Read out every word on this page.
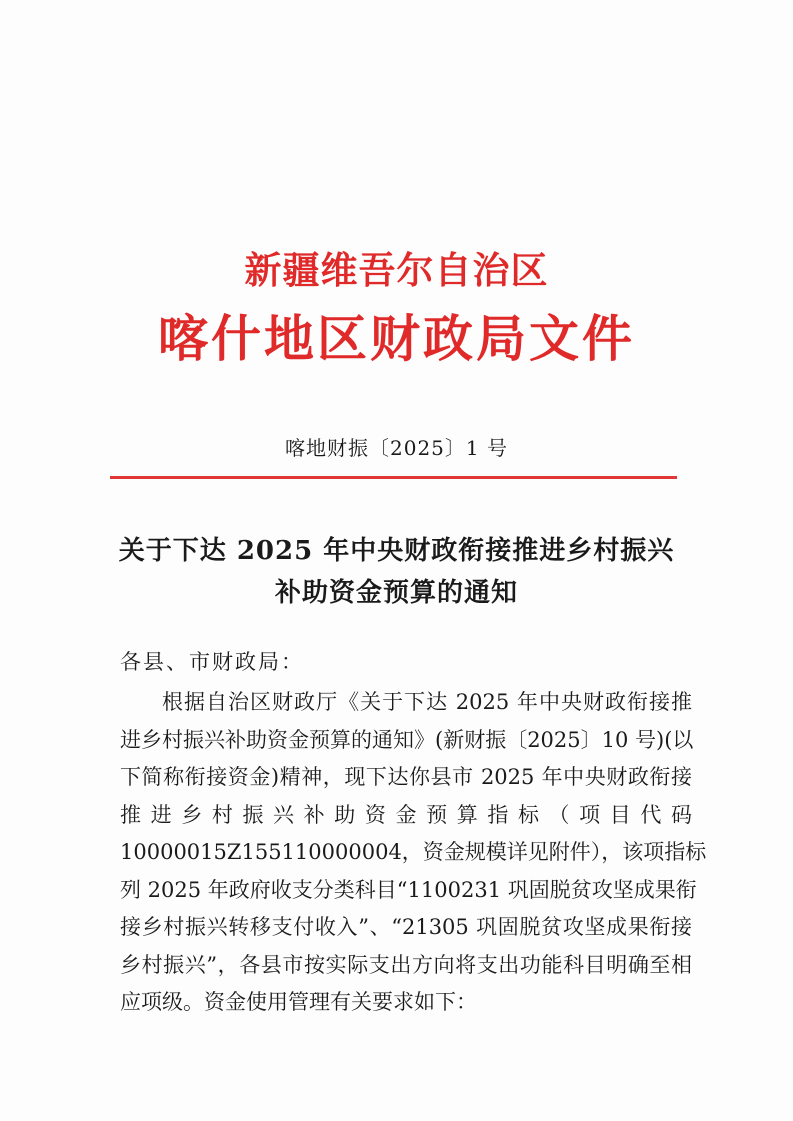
新疆维吾尔自治区
喀什地区财政局文件
喀地财振〔2025〕1 号
关于下达 2025 年中央财政衔接推进乡村振兴
补助资金预算的通知
各县、市财政局：
根据自治区财政厅《关于下达 2025 年中央财政衔接推
进乡村振兴补助资金预算的通知》(新财振〔2025〕10 号)(以
下简称衔接资金)精神，现下达你县市 2025 年中央财政衔接
推进乡村振兴补助资金预算指标（项目代码
10000015Z155110000004，资金规模详见附件），该项指标
列 2025 年政府收支分类科目“1100231 巩固脱贫攻坚成果衔
接乡村振兴转移支付收入”、“21305 巩固脱贫攻坚成果衔接
乡村振兴”，各县市按实际支出方向将支出功能科目明确至相
应项级。资金使用管理有关要求如下：
